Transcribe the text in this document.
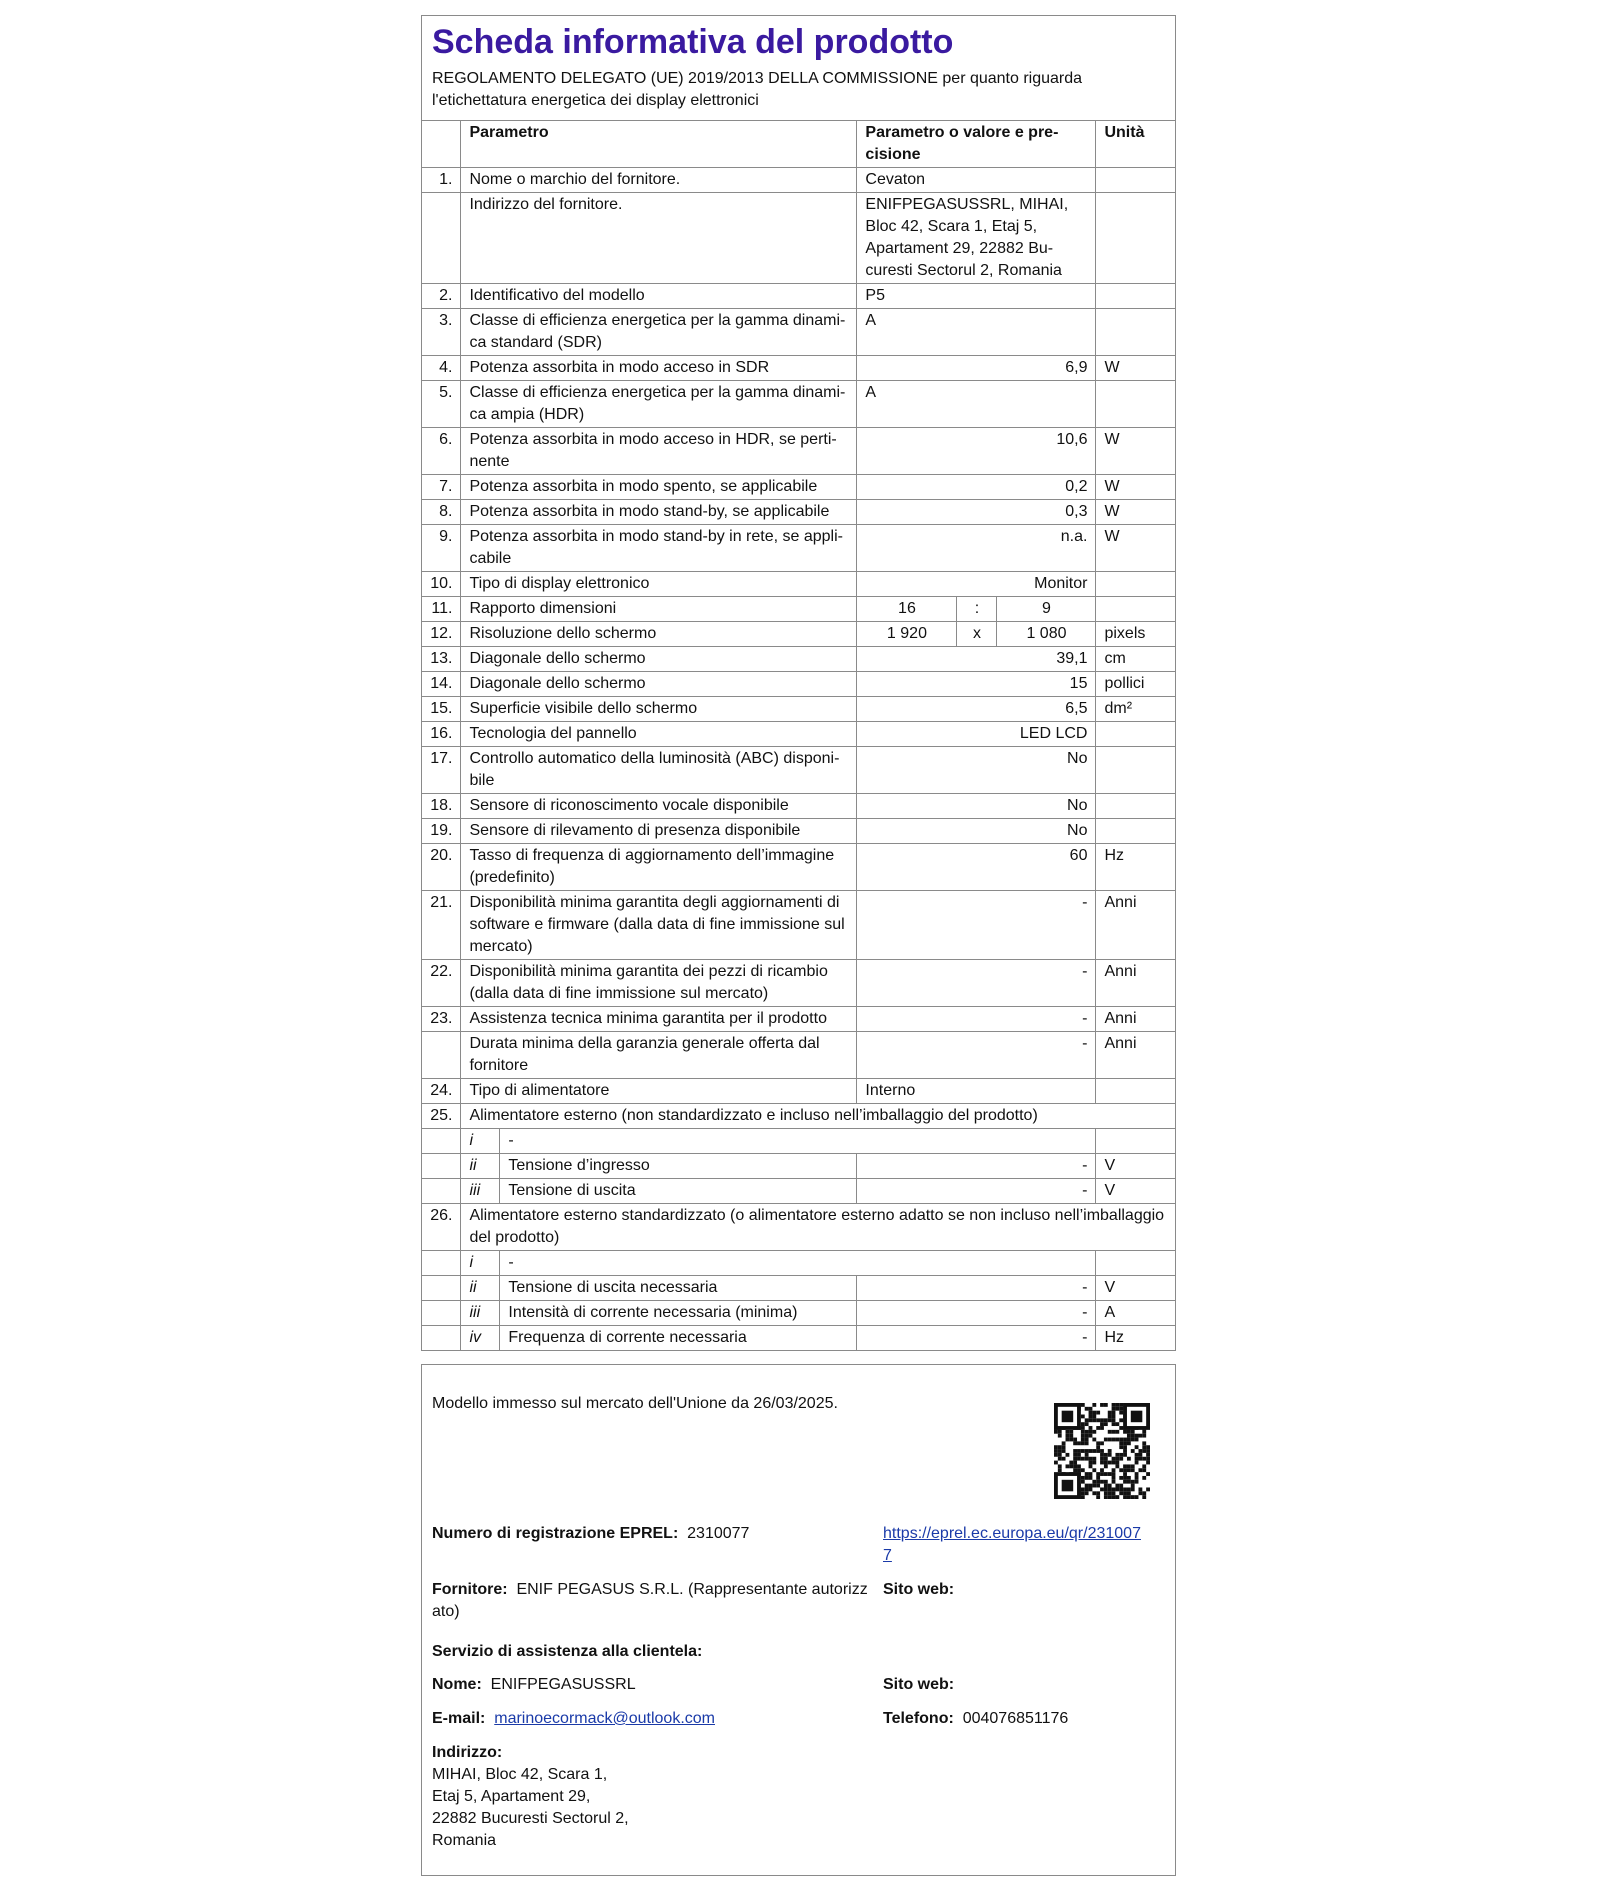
Scheda informativa del prodotto
REGOLAMENTO DELEGATO (UE) 2019/2013 DELLA COMMISSIONE per quanto riguarda l'etichettatura energetica dei display elettronici
	Parametro		Parametro o valore e precisione			Unità
1.	Nome o marchio del fornitore.		Cevaton			
	Indirizzo del fornitore.		ENIFPEGASUSSRL, MIHAI, Bloc 42, Scara 1, Etaj 5, Apartament 29, 22882 Bucuresti Sectorul 2, Romania			
2.	Identificativo del modello		P5			
3.	Classe di efficienza energetica per la gamma dinamica standard (SDR)		A			
4.	Potenza assorbita in modo acceso in SDR		6,9			W
5.	Classe di efficienza energetica per la gamma dinamica ampia (HDR)		A			
6.	Potenza assorbita in modo acceso in HDR, se pertinente		10,6			W
7.	Potenza assorbita in modo spento, se applicabile		0,2			W
8.	Potenza assorbita in modo stand-by, se applicabile		0,3			W
9.	Potenza assorbita in modo stand-by in rete, se applicabile		n.a.			W
10.	Tipo di display elettronico		Monitor			
11.	Rapporto dimensioni		16	:	9	
12.	Risoluzione dello schermo		1 920	x	1 080	pixels
13.	Diagonale dello schermo		39,1			cm
14.	Diagonale dello schermo		15			pollici
15.	Superficie visibile dello schermo		6,5			dm²
16.	Tecnologia del pannello		LED LCD			
17.	Controllo automatico della luminosità (ABC) disponibile		No			
18.	Sensore di riconoscimento vocale disponibile		No			
19.	Sensore di rilevamento di presenza disponibile		No			
20.	Tasso di frequenza di aggiornamento dell’immagine (predefinito)		60			Hz
21.	Disponibilità minima garantita degli aggiornamenti di software e firmware (dalla data di fine immissione sul mercato)		-			Anni
22.	Disponibilità minima garantita dei pezzi di ricambio (dalla data di fine immissione sul mercato)		-			Anni
23.	Assistenza tecnica minima garantita per il prodotto		-			Anni
	Durata minima della garanzia generale offerta dal fornitore		-			Anni
24.	Tipo di alimentatore		Interno			
25.	Alimentatore esterno (non standardizzato e incluso nell’imballaggio del prodotto)					
	i	-				
	ii	Tensione d’ingresso	-			V
	iii	Tensione di uscita	-			V
26.	Alimentatore esterno standardizzato (o alimentatore esterno adatto se non incluso nell’imballaggio del prodotto)					
	i	-				
	ii	Tensione di uscita necessaria	-			V
	iii	Intensità di corrente necessaria (minima)	-			A
	iv	Frequenza di corrente necessaria	-			Hz
Modello immesso sul mercato dell'Unione da 26/03/2025.
Numero di registrazione EPREL: 2310077	https://eprel.ec.europa.eu/qr/2310077
Fornitore: ENIF PEGASUS S.R.L. (Rappresentante autorizz ato)
Sito web:
Servizio di assistenza alla clientela:
Nome: ENIFPEGASUSSRL	Sito web:
E-mail: marinoecormack@outlook.com	Telefono: 004076851176
Indirizzo:
MIHAI, Bloc 42, Scara 1,
Etaj 5, Apartament 29,
22882 Bucuresti Sectorul 2,
Romania
